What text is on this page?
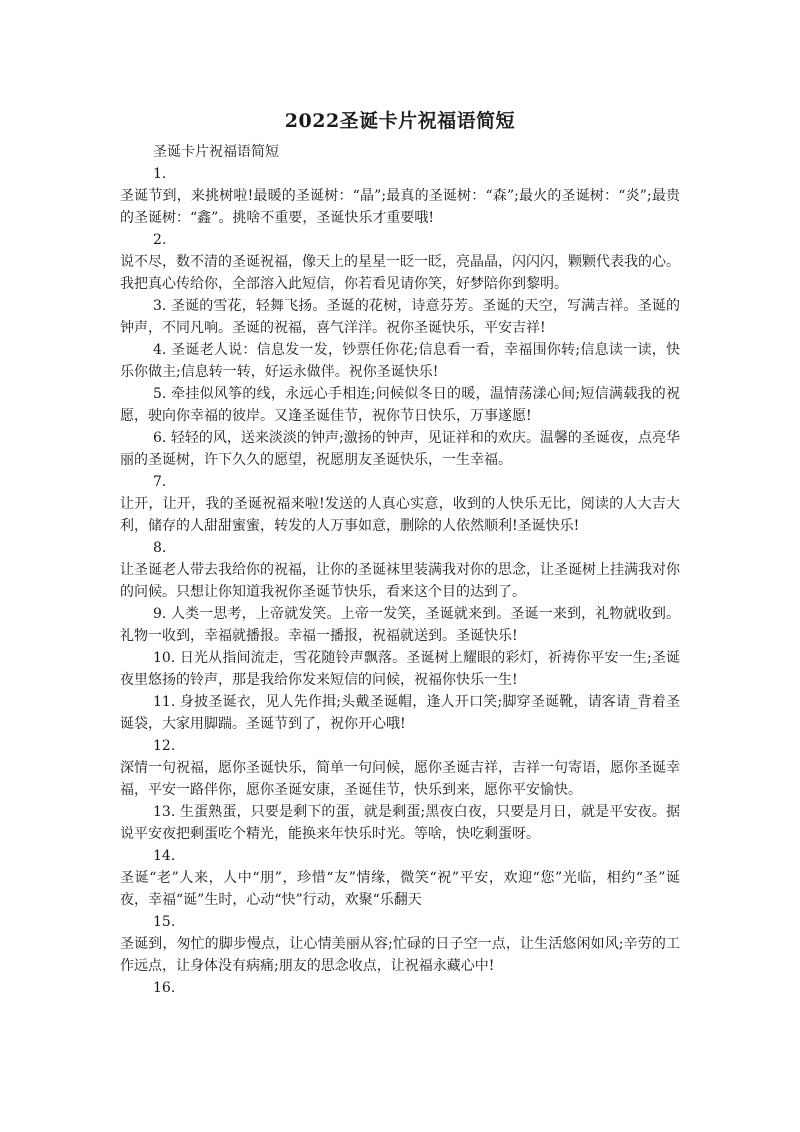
2022圣诞卡片祝福语简短
圣诞卡片祝福语简短
1.
圣诞节到，来挑树啦!最暖的圣诞树：“晶”;最真的圣诞树：“森”;最火的圣诞树：“炎”;最贵的圣诞树：“鑫”。挑啥不重要，圣诞快乐才重要哦!
2.
说不尽，数不清的圣诞祝福，像天上的星星一眨一眨，亮晶晶，闪闪闪，颗颗代表我的心。我把真心传给你，全部溶入此短信，你若看见请你笑，好梦陪你到黎明。
3. 圣诞的雪花，轻舞飞扬。圣诞的花树，诗意芬芳。圣诞的天空，写满吉祥。圣诞的钟声，不同凡响。圣诞的祝福，喜气洋洋。祝你圣诞快乐，平安吉祥!
4. 圣诞老人说：信息发一发，钞票任你花;信息看一看，幸福围你转;信息读一读，快乐你做主;信息转一转，好运永做伴。祝你圣诞快乐!
5. 牵挂似风筝的线，永远心手相连;问候似冬日的暖，温情荡漾心间;短信满载我的祝愿，驶向你幸福的彼岸。又逢圣诞佳节，祝你节日快乐，万事遂愿!
6. 轻轻的风，送来淡淡的钟声;激扬的钟声，见证祥和的欢庆。温馨的圣诞夜，点亮华丽的圣诞树，许下久久的愿望，祝愿朋友圣诞快乐，一生幸福。
7.
让开，让开，我的圣诞祝福来啦!发送的人真心实意，收到的人快乐无比，阅读的人大吉大利，储存的人甜甜蜜蜜，转发的人万事如意，删除的人依然顺利!圣诞快乐!
8.
让圣诞老人带去我给你的祝福，让你的圣诞袜里装满我对你的思念，让圣诞树上挂满我对你的问候。只想让你知道我祝你圣诞节快乐，看来这个目的达到了。
9. 人类一思考，上帝就发笑。上帝一发笑，圣诞就来到。圣诞一来到，礼物就收到。礼物一收到，幸福就播报。幸福一播报，祝福就送到。圣诞快乐!
10. 日光从指间流走，雪花随铃声飘落。圣诞树上耀眼的彩灯，祈祷你平安一生;圣诞夜里悠扬的铃声，那是我给你发来短信的问候，祝福你快乐一生!
11. 身披圣诞衣，见人先作揖;头戴圣诞帽，逢人开口笑;脚穿圣诞靴，请客请_背着圣诞袋，大家用脚踹。圣诞节到了，祝你开心哦!
12.
深情一句祝福，愿你圣诞快乐，简单一句问候，愿你圣诞吉祥，吉祥一句寄语，愿你圣诞幸福，平安一路伴你，愿你圣诞安康，圣诞佳节，快乐到来，愿你平安愉快。
13. 生蛋熟蛋，只要是剩下的蛋，就是剩蛋;黑夜白夜，只要是月日，就是平安夜。据说平安夜把剩蛋吃个精光，能换来年快乐时光。等啥，快吃剩蛋呀。
14.
圣诞“老”人来，人中“朋”，珍惜“友”情缘，微笑“祝”平安，欢迎“您”光临，相约“圣”诞夜，幸福“诞”生时，心动“快”行动，欢聚“乐翻天
15.
圣诞到，匆忙的脚步慢点，让心情美丽从容;忙碌的日子空一点，让生活悠闲如风;辛劳的工作远点，让身体没有病痛;朋友的思念收点，让祝福永藏心中!
16.
